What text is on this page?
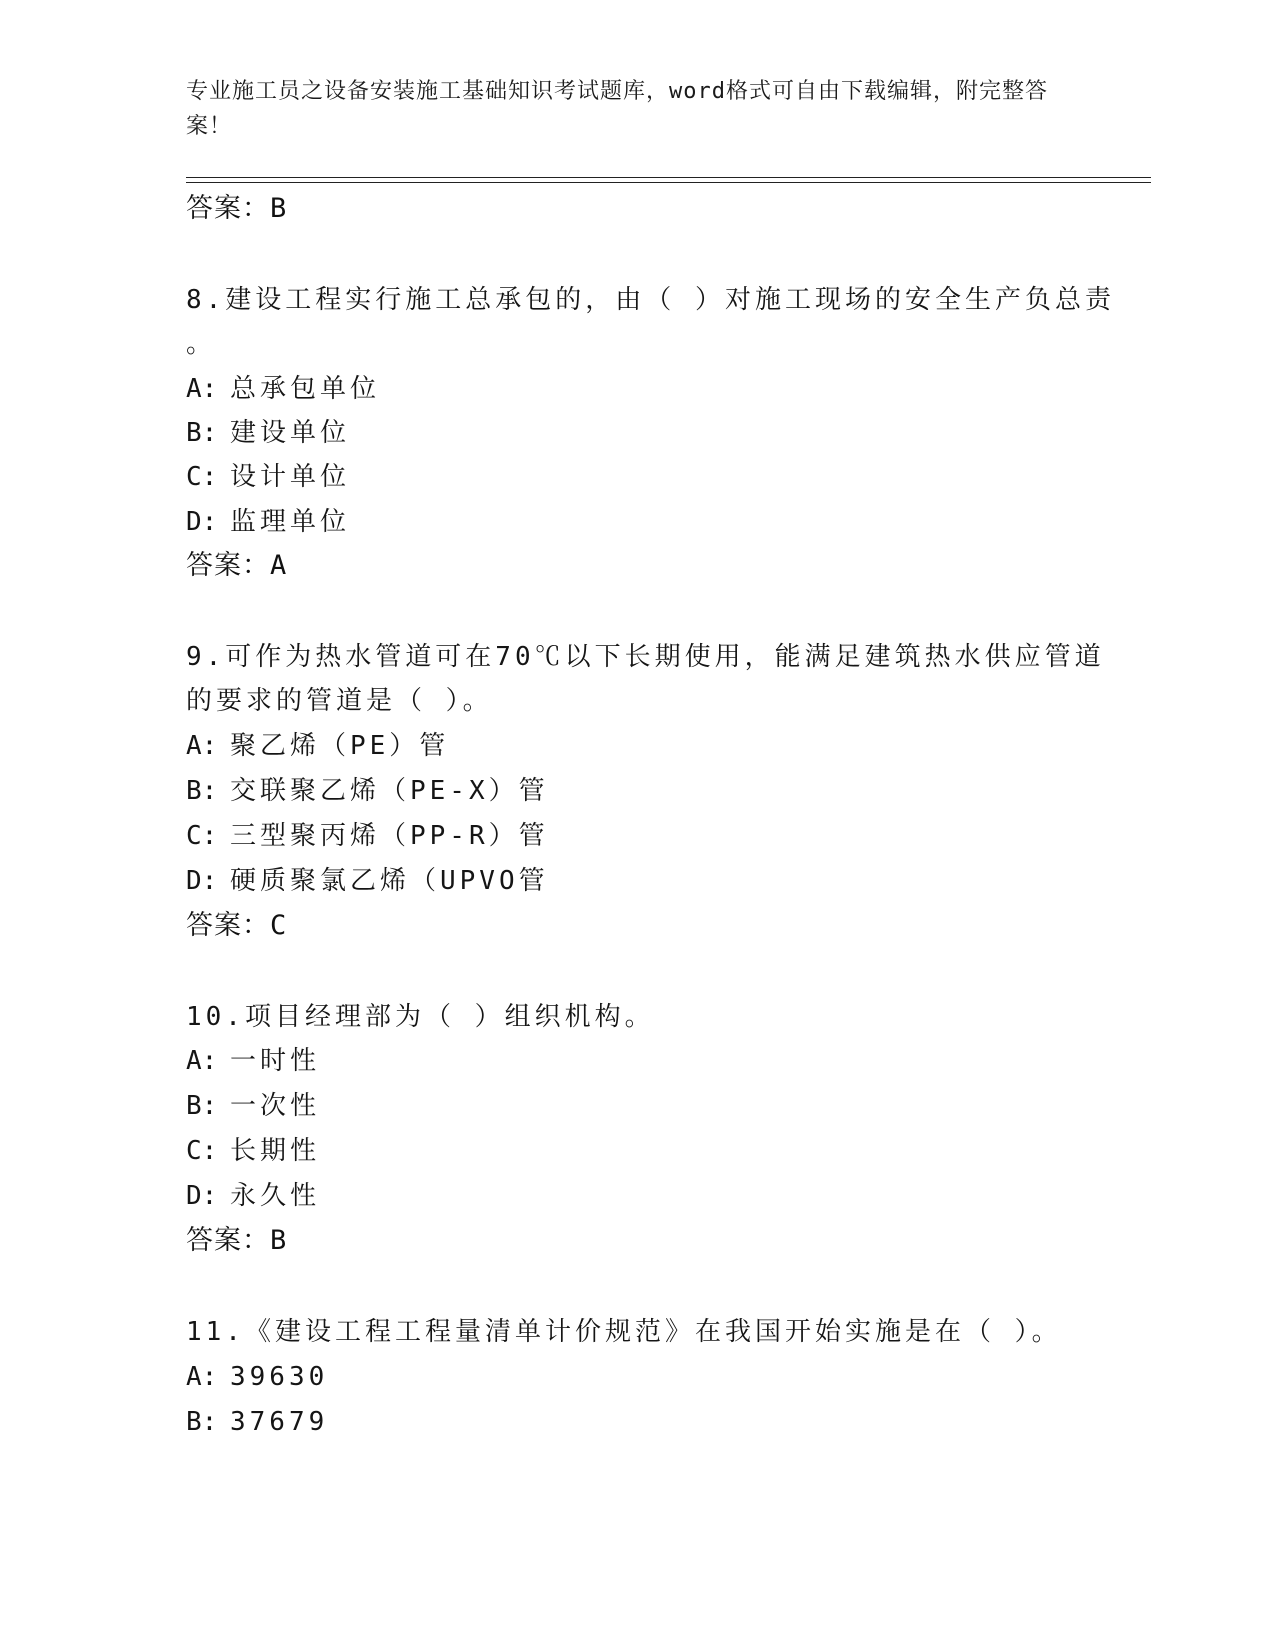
专业施工员之设备安装施工基础知识考试题库，word格式可自由下载编辑，附完整答案！
答案：B
8.建设工程实行施工总承包的，由（ ）对施工现场的安全生产负总责
。
A: 总承包单位
B: 建设单位
C: 设计单位
D: 监理单位
答案：A
9.可作为热水管道可在70℃以下长期使用，能满足建筑热水供应管道
的要求的管道是（ ）。
A: 聚乙烯（PE）管
B: 交联聚乙烯（PE-X）管
C: 三型聚丙烯（PP-R）管
D: 硬质聚氯乙烯（UPVO管
答案：C
10.项目经理部为（ ）组织机构。
A: 一时性
B: 一次性
C: 长期性
D: 永久性
答案：B
11.《建设工程工程量清单计价规范》在我国开始实施是在（ ）。
A: 39630
B: 37679
